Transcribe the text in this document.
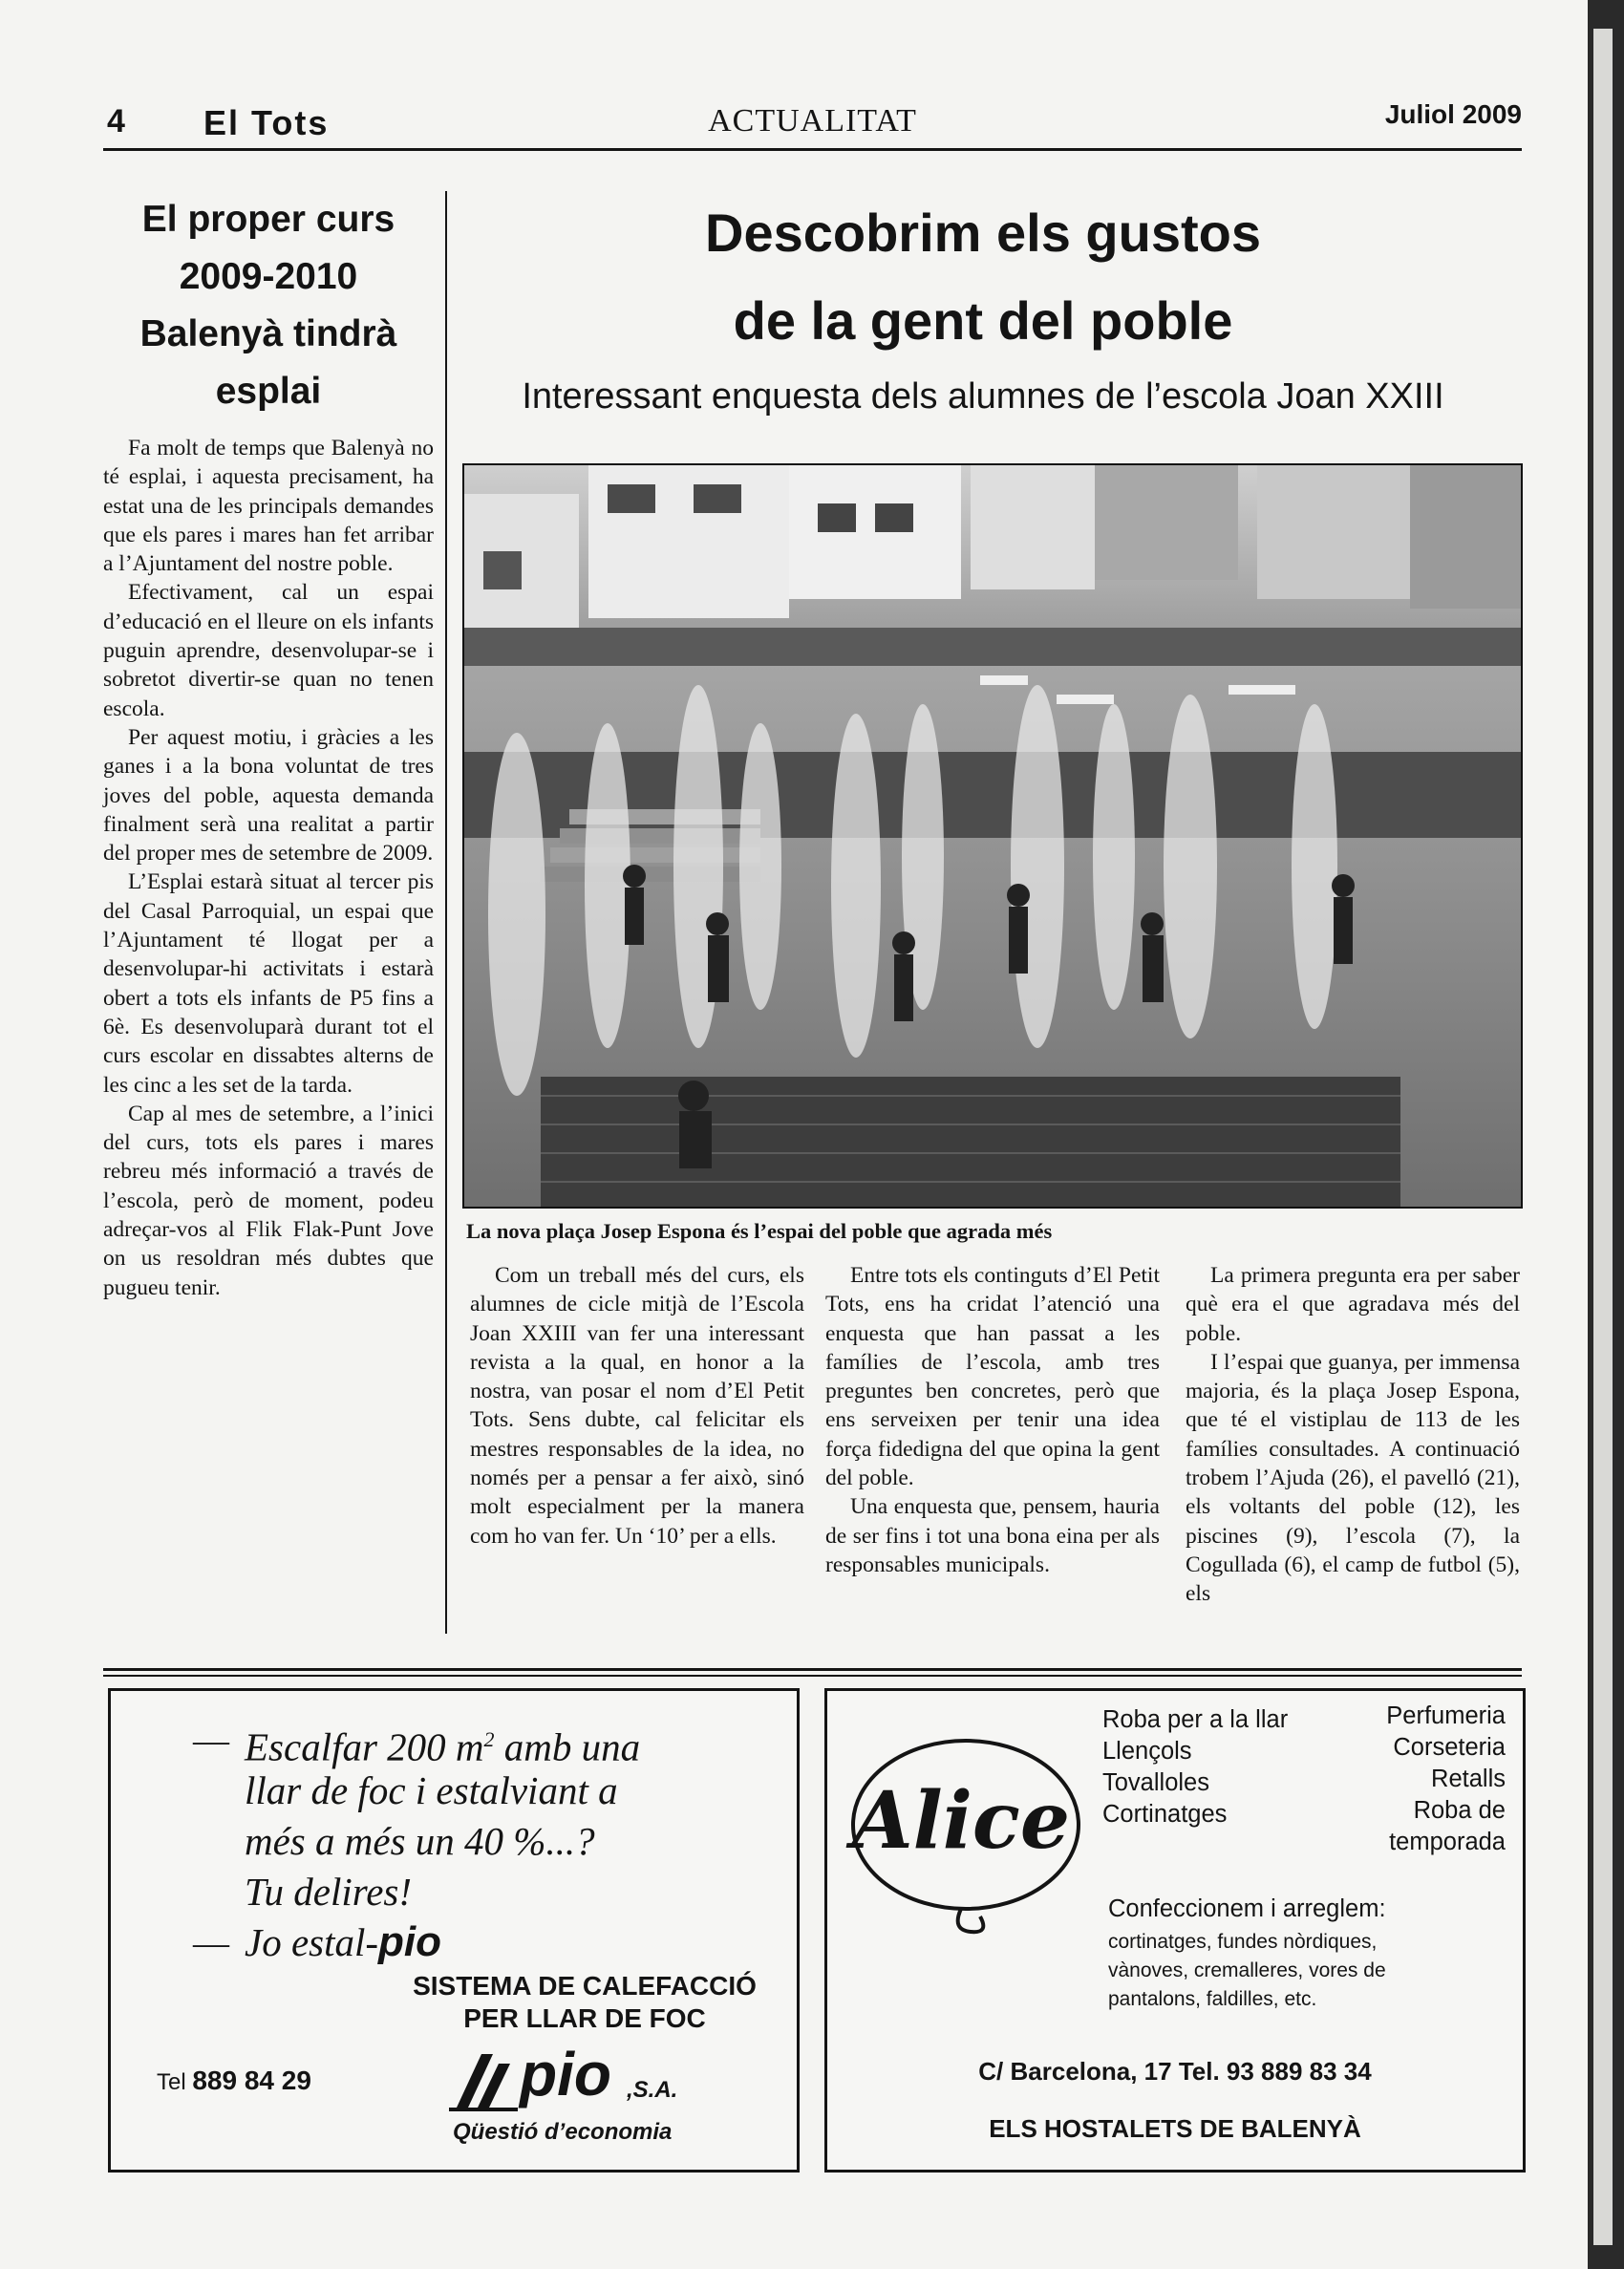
4 El Tots	ACTUALITAT	Juliol 2009
El proper curs
2009-2010
Balenyà tindrà
esplai

Fa molt de temps que Balenyà no té esplai, i aquesta precisament, ha estat una de les principals demandes que els pares i mares han fet arribar a l’Ajuntament del nostre poble.

Efectivament, cal un espai d’educació en el lleure on els infants puguin aprendre, desenvolupar-se i sobretot divertir-se quan no tenen escola.

Per aquest motiu, i gràcies a les ganes i a la bona voluntat de tres joves del poble, aquesta demanda finalment serà una realitat a partir del proper mes de setembre de 2009.

L’Esplai estarà situat al tercer pis del Casal Parroquial, un espai que l’Ajuntament té llogat per a desenvolupar-hi activitats i estarà obert a tots els infants de P5 fins a 6è. Es desenvoluparà durant tot el curs escolar en dissabtes alterns de les cinc a les set de la tarda.

Cap al mes de setembre, a l’inici del curs, tots els pares i mares rebreu més informació a través de l’escola, però de moment, podeu adreçar-vos al Flik Flak-Punt Jove on us resoldran més dubtes que pugueu tenir.

Descobrim els gustos
de la gent del poble
Interessant enquesta dels alumnes de l’escola Joan XXIII
La nova plaça Josep Espona és l’espai del poble que agrada més

Com un treball més del curs, els alumnes de cicle mitjà de l’Escola Joan XXIII van fer una interessant revista a la qual, en honor a la nostra, van posar el nom d’El Petit Tots. Sens dubte, cal felicitar els mestres responsables de la idea, no només per a pensar a fer això, sinó molt especialment per la manera com ho van fer. Un ‘10’ per a ells.

Entre tots els continguts d’El Petit Tots, ens ha cridat l’atenció una enquesta que han passat a les famílies de l’escola, amb tres preguntes ben concretes, però que ens serveixen per tenir una idea força fidedigna del que opina la gent del poble.

Una enquesta que, pensem, hauria de ser fins i tot una bona eina per als responsables municipals.

La primera pregunta era per saber què era el que agradava més del poble.

I l’espai que guanya, per immensa majoria, és la plaça Josep Espona, que té el vistiplau de 113 de les famílies consultades. A continuació trobem l’Ajuda (26), el pavelló (21), els voltants del poble (12), les piscines (9), l’escola (7), la Cogullada (6), el camp de futbol (5), els

— Escalfar 200 $m^2$ amb una
llar de foc i estalviant a
més a més un 40 %...?
Tu delires!
— Jo estal-pio
SISTEMA DE CALEFACCIÓ
PER LLAR DE FOC
Tel 889 84 29	pio ,S.A.
Qüestió d’economia
Alice
Roba per a la llar
Llençols
Tovalloles
Cortinatges
Perfumeria
Corseteria
Retalls
Roba de
temporada
Confeccionem i arreglem:
cortinatges, fundes nòrdiques,
vànoves, cremalleres, vores de
pantalons, faldilles, etc.
C/ Barcelona, 17 Tel. 93 889 83 34
ELS HOSTALETS DE BALENYÀ
